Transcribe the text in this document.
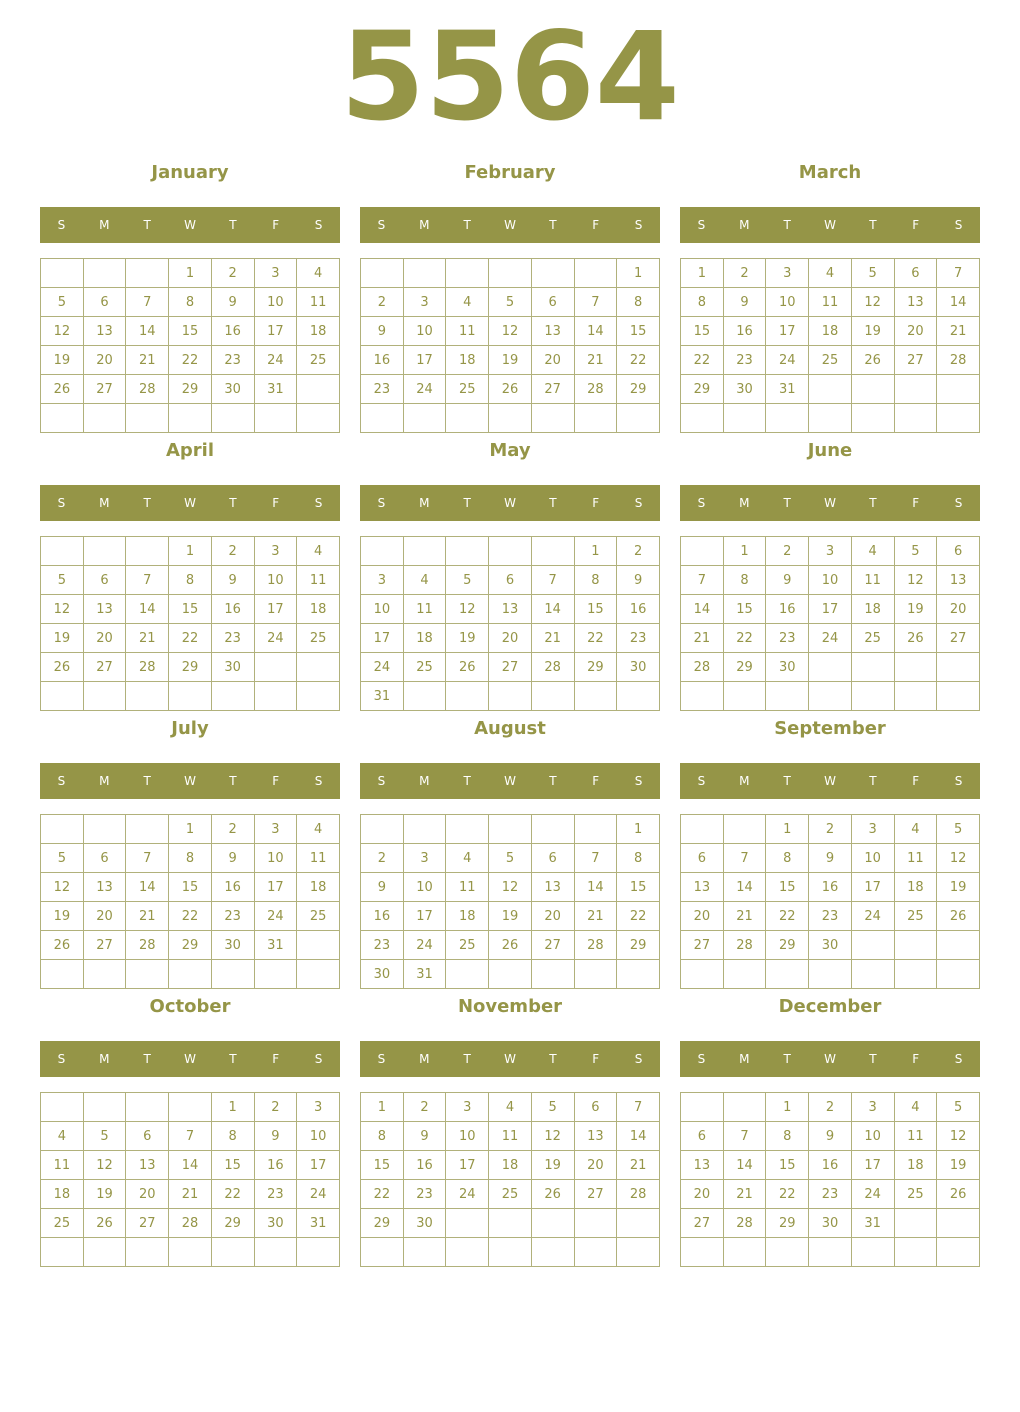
5564
January
S	M	T	W	T	F	S
			1	2	3	4
5	6	7	8	9	10	11
12	13	14	15	16	17	18
19	20	21	22	23	24	25
26	27	28	29	30	31	

February
S	M	T	W	T	F	S
						1
2	3	4	5	6	7	8
9	10	11	12	13	14	15
16	17	18	19	20	21	22
23	24	25	26	27	28	29

March
S	M	T	W	T	F	S
1	2	3	4	5	6	7
8	9	10	11	12	13	14
15	16	17	18	19	20	21
22	23	24	25	26	27	28
29	30	31				

April
S	M	T	W	T	F	S
			1	2	3	4
5	6	7	8	9	10	11
12	13	14	15	16	17	18
19	20	21	22	23	24	25
26	27	28	29	30		

May
S	M	T	W	T	F	S
					1	2
3	4	5	6	7	8	9
10	11	12	13	14	15	16
17	18	19	20	21	22	23
24	25	26	27	28	29	30
31						
June
S	M	T	W	T	F	S
	1	2	3	4	5	6
7	8	9	10	11	12	13
14	15	16	17	18	19	20
21	22	23	24	25	26	27
28	29	30				

July
S	M	T	W	T	F	S
			1	2	3	4
5	6	7	8	9	10	11
12	13	14	15	16	17	18
19	20	21	22	23	24	25
26	27	28	29	30	31	

August
S	M	T	W	T	F	S
						1
2	3	4	5	6	7	8
9	10	11	12	13	14	15
16	17	18	19	20	21	22
23	24	25	26	27	28	29
30	31					
September
S	M	T	W	T	F	S
		1	2	3	4	5
6	7	8	9	10	11	12
13	14	15	16	17	18	19
20	21	22	23	24	25	26
27	28	29	30			

October
S	M	T	W	T	F	S
				1	2	3
4	5	6	7	8	9	10
11	12	13	14	15	16	17
18	19	20	21	22	23	24
25	26	27	28	29	30	31

November
S	M	T	W	T	F	S
1	2	3	4	5	6	7
8	9	10	11	12	13	14
15	16	17	18	19	20	21
22	23	24	25	26	27	28
29	30					

December
S	M	T	W	T	F	S
		1	2	3	4	5
6	7	8	9	10	11	12
13	14	15	16	17	18	19
20	21	22	23	24	25	26
27	28	29	30	31		
